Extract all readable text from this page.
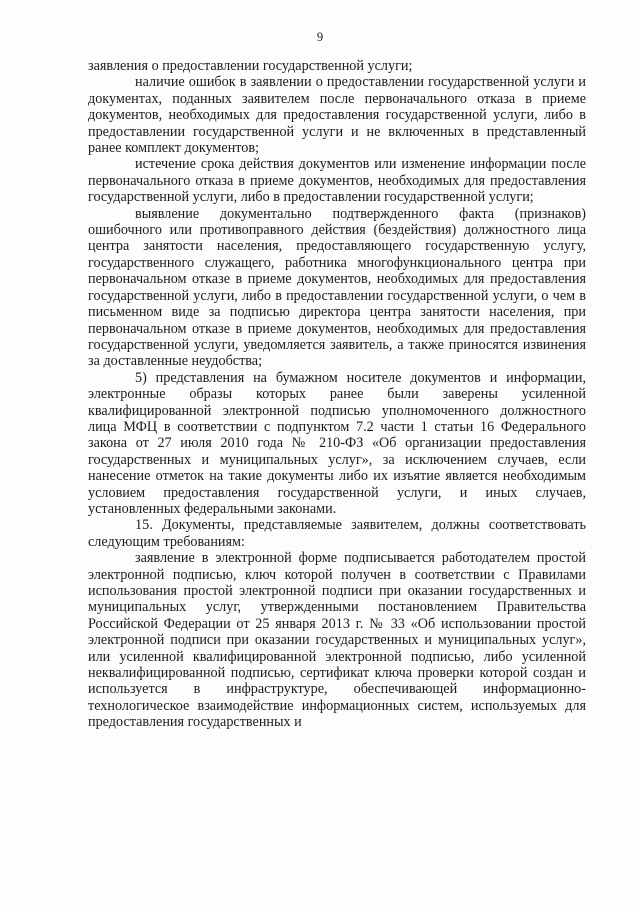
9

заявления о предоставлении государственной услуги;

наличие ошибок в заявлении о предоставлении государственной услуги и документах, поданных заявителем после первоначального отказа в приеме документов, необходимых для предоставления государственной услуги, либо в предоставлении государственной услуги и не включенных в представленный ранее комплект документов;

истечение срока действия документов или изменение информации после первоначального отказа в приеме документов, необходимых для предоставления государственной услуги, либо в предоставлении государственной услуги;

выявление документально подтвержденного факта (признаков) ошибочного или противоправного действия (бездействия) должностного лица центра занятости населения, предоставляющего государственную услугу, государственного служащего, работника многофункционального центра при первоначальном отказе в приеме документов, необходимых для предоставления государственной услуги, либо в предоставлении государственной услуги, о чем в письменном виде за подписью директора центра занятости населения, при первоначальном отказе в приеме документов, необходимых для предоставления государственной услуги, уведомляется заявитель, а также приносятся извинения за доставленные неудобства;

5) представления на бумажном носителе документов и информации, электронные образы которых ранее были заверены усиленной квалифицированной электронной подписью уполномоченного должностного лица МФЦ в соответствии с подпунктом 7.2 части 1 статьи 16 Федерального закона от 27 июля 2010 года № 210-ФЗ «Об организации предоставления государственных и муниципальных услуг», за исключением случаев, если нанесение отметок на такие документы либо их изъятие является необходимым условием предоставления государственной услуги, и иных случаев, установленных федеральными законами.

15. Документы, представляемые заявителем, должны соответствовать следующим требованиям:

заявление в электронной форме подписывается работодателем простой электронной подписью, ключ которой получен в соответствии с Правилами использования простой электронной подписи при оказании государственных и муниципальных услуг, утвержденными постановлением Правительства Российской Федерации от 25 января 2013 г. № 33 «Об использовании простой электронной подписи при оказании государственных и муниципальных услуг», или усиленной квалифицированной электронной подписью, либо усиленной неквалифицированной подписью, сертификат ключа проверки которой создан и используется в инфраструктуре, обеспечивающей информационно-технологическое взаимодействие информационных систем, используемых для предоставления государственных и
